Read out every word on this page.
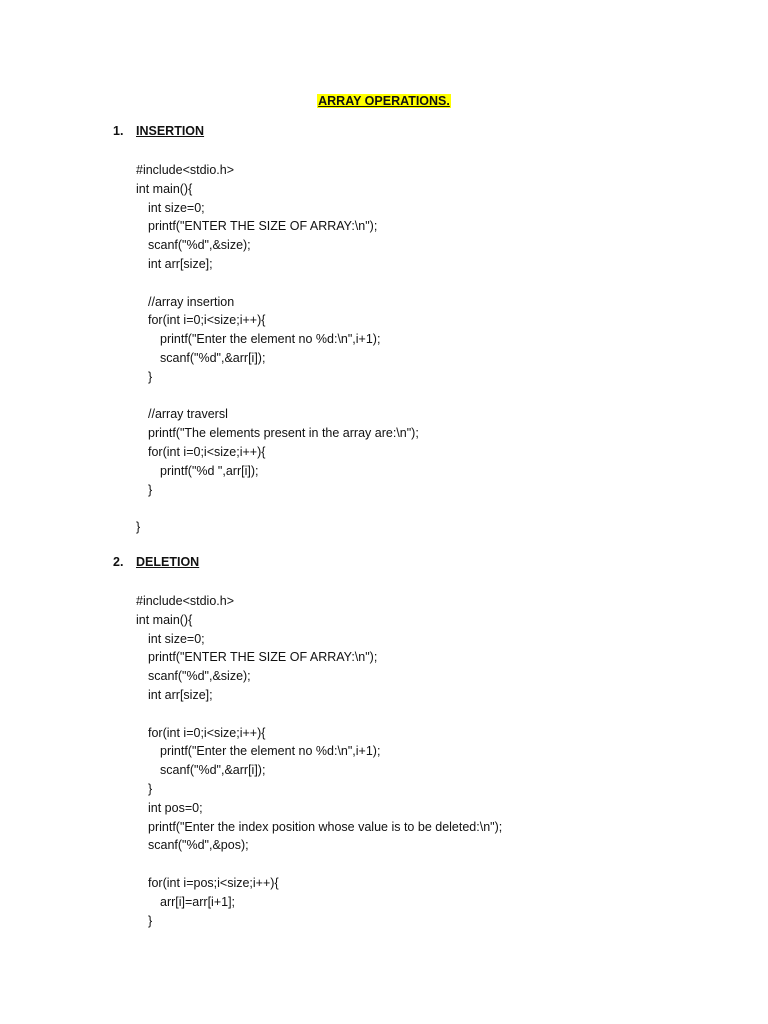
ARRAY OPERATIONS.
1. INSERTION
#include<stdio.h>
int main(){
int size=0;
printf("ENTER THE SIZE OF ARRAY:\n");
scanf("%d",&size);
int arr[size];
//array insertion
for(int i=0;i<size;i++){
printf("Enter the element no %d:\n",i+1);
scanf("%d",&arr[i]);
}
//array traversl
printf("The elements present in the array are:\n");
for(int i=0;i<size;i++){
printf("%d ",arr[i]);
}
}
2. DELETION
#include<stdio.h>
int main(){
int size=0;
printf("ENTER THE SIZE OF ARRAY:\n");
scanf("%d",&size);
int arr[size];
for(int i=0;i<size;i++){
printf("Enter the element no %d:\n",i+1);
scanf("%d",&arr[i]);
}
int pos=0;
printf("Enter the index position whose value is to be deleted:\n");
scanf("%d",&pos);
for(int i=pos;i<size;i++){
arr[i]=arr[i+1];
}
